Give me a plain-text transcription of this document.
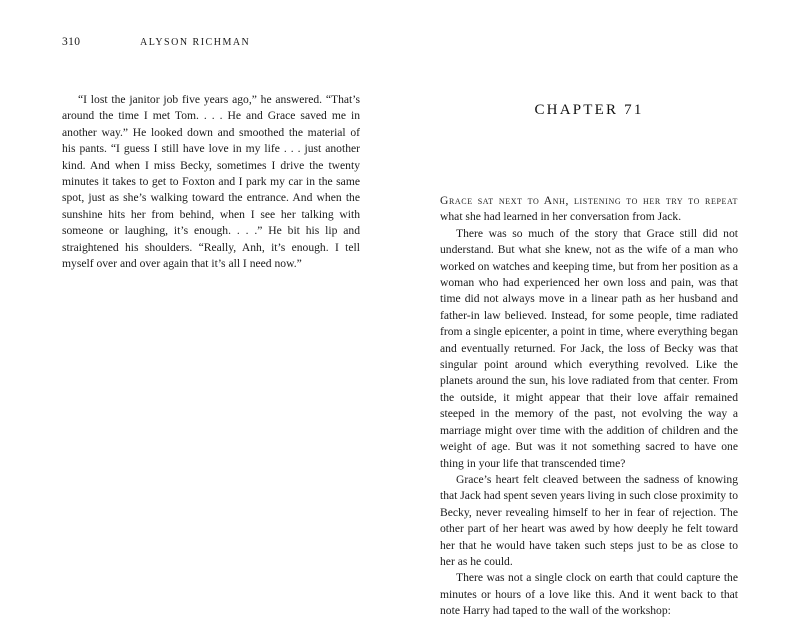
310	ALYSON RICHMAN

“I lost the janitor job five years ago,” he answered. “That’s around the time I met Tom. . . . He and Grace saved me in another way.” He looked down and smoothed the material of his pants. “I guess I still have love in my life . . . just another kind. And when I miss Becky, sometimes I drive the twenty minutes it takes to get to Foxton and I park my car in the same spot, just as she’s walking toward the entrance. And when the sunshine hits her from behind, when I see her talking with someone or laughing, it’s enough. . . .” He bit his lip and straightened his shoulders. “Really, Anh, it’s enough. I tell myself over and over again that it’s all I need now.”

CHAPTER 71

Grace sat next to Anh, listening to her try to repeat what she had learned in her conversation from Jack.

There was so much of the story that Grace still did not understand. But what she knew, not as the wife of a man who worked on watches and keeping time, but from her position as a woman who had experienced her own loss and pain, was that time did not always move in a linear path as her husband and father-in law believed. Instead, for some people, time radiated from a single epicenter, a point in time, where everything began and eventually returned. For Jack, the loss of Becky was that singular point around which everything revolved. Like the planets around the sun, his love radiated from that center. From the outside, it might appear that their love affair remained steeped in the memory of the past, not evolving the way a marriage might over time with the addition of children and the weight of age. But was it not something sacred to have one thing in your life that transcended time?

Grace’s heart felt cleaved between the sadness of knowing that Jack had spent seven years living in such close proximity to Becky, never revealing himself to her in fear of rejection. The other part of her heart was awed by how deeply he felt toward her that he would have taken such steps just to be as close to her as he could.

There was not a single clock on earth that could capture the minutes or hours of a love like this. And it went back to that note Harry had taped to the wall of the workshop:
